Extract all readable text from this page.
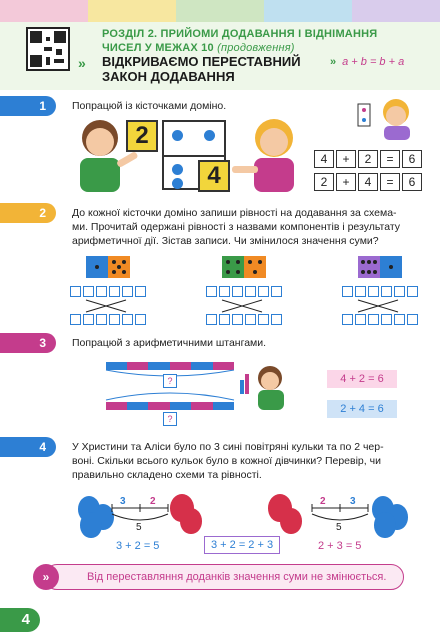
РОЗДІЛ 2. ПРИЙОМИ ДОДАВАННЯ І ВІДНІМАННЯ
ЧИСЕЛ У МЕЖАХ 10 (продовження)
»	ВІДКРИВАЄМО ПЕРЕСТАВНИЙ
ЗАКОН ДОДАВАННЯ
» a + b = b + a
1	Попрацюй із кісточками доміно.
2
4
4	+	2	=	6
2	+	4	=	6
2	До кожної кісточки доміно запиши рівності на додавання за схема-
ми. Прочитай одержані рівності з назвами компонентів і результату
арифметичної дії. Зістав записи. Чи змінилося значення суми?
3	Попрацюй з арифметичними штангами.
?
?
4 + 2 = 6
2 + 4 = 6
4	У Христини та Аліси було по 3 сині повітряні кульки та по 2 чер-
воні. Скільки всього кульок було в кожної дівчинки? Перевір, чи
правильно складено схеми та рівності.
3 2
5
3 + 2 = 5	3 + 2 = 2 + 3
2 3
5
2 + 3 = 5
»	Від переставляння доданків значення суми не змінюється.
4
